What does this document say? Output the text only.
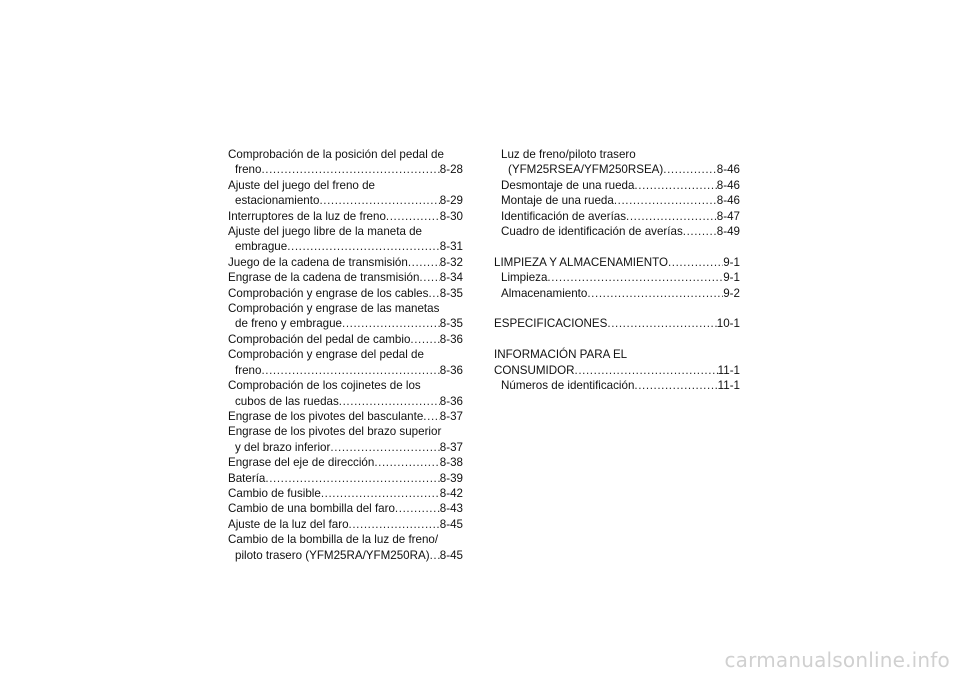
Comprobación de la posición del pedal de
freno .....	8-28
Ajuste del juego del freno de
estacionamiento .....	8-29
Interruptores de la luz de freno .....	8-30
Ajuste del juego libre de la maneta de
embrague .....	8-31
Juego de la cadena de transmisión .....	8-32
Engrase de la cadena de transmisión ..... 8-34
Comprobación y engrase de los cables ..... 8-35
Comprobación y engrase de las manetas
de freno y embrague .....	8-35
Comprobación del pedal de cambio .....	8-36
Comprobación y engrase del pedal de
freno .....	8-36
Comprobación de los cojinetes de los
cubos de las ruedas .....	8-36
Engrase de los pivotes del basculante ..... 8-37
Engrase de los pivotes del brazo superior
y del brazo inferior .....	8-37
Engrase del eje de dirección .....	8-38
Batería .....	8-39
Cambio de fusible .....	8-42
Cambio de una bombilla del faro .....	8-43
Ajuste de la luz del faro .....	8-45
Cambio de la bombilla de la luz de freno/
piloto trasero (YFM25RA/YFM250RA) ..... 8-45
Luz de freno/piloto trasero
(YFM25RSEA/YFM250RSEA) .....	8-46
Desmontaje de una rueda .....	8-46
Montaje de una rueda .....	8-46
Identificación de averías .....	8-47
Cuadro de identificación de averías .....	8-49
LIMPIEZA Y ALMACENAMIENTO .....	9-1
Limpieza .....	9-1
Almacenamiento .....	9-2
ESPECIFICACIONES .....	10-1
INFORMACIÓN PARA EL
CONSUMIDOR .....	11-1
Números de identificación .....	11-1
carmanualsonline.info
